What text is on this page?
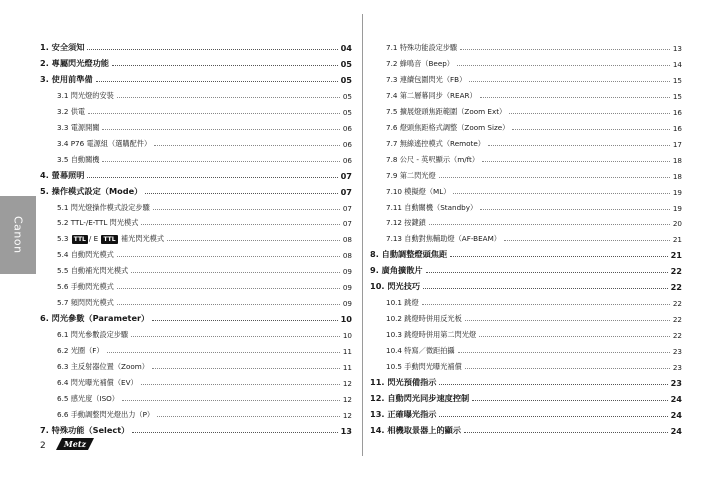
Canon
1. 安全須知	04
2. 專屬閃光燈功能	05
3. 使用前準備	05
3.1 閃光燈的安裝	05
3.2 供電	05
3.3 電源開關	06
3.4 P76 電源組（選購配件）	06
3.5 自動關機	06
4. 螢幕照明	07
5. 操作模式設定（Mode）	07
5.1 閃光燈操作模式設定步驟	07
5.2 TTL-/E-TTL 閃光模式	07
5.3 TTL / E TTL 補光閃光模式	08
5.4 自動閃光模式	08
5.5 自動補光閃光模式	09
5.6 手動閃光模式	09
5.7 頻閃閃光模式	09
6. 閃光參數（Parameter）	10
6.1 閃光參數設定步驟	10
6.2 光圈（F）	11
6.3 主反射器位置（Zoom）	11
6.4 閃光曝光補償（EV）	12
6.5 感光度（ISO）	12
6.6 手動調整閃光燈出力（P）	12
7. 特殊功能（Select）	13
7.1 特殊功能設定步驟	13
7.2 蜂鳴音（Beep）	14
7.3 連續包圍閃光（FB）	15
7.4 第二層幕同步（REAR）	15
7.5 擴展燈頭焦距範圍（Zoom Ext）	16
7.6 燈頭焦距格式調整（Zoom Size）	16
7.7 無線遙控模式（Remote）	17
7.8 公尺 - 英呎顯示（m/ft）	18
7.9 第二閃光燈	18
7.10 模擬燈（ML）	19
7.11 自動關機（Standby）	19
7.12 按鍵鎖	20
7.13 自動對焦輔助燈（AF-BEAM）	21
8. 自動調整燈頭焦距	21
9. 廣角擴散片	22
10. 閃光技巧	22
10.1 跳燈	22
10.2 跳燈時併用反光板	22
10.3 跳燈時併用第二閃光燈	22
10.4 特寫／微距拍攝	23
10.5 手動閃光曝光補償	23
11. 閃光預備指示	23
12. 自動閃光同步速度控制	24
13. 正確曝光指示	24
14. 相機取景器上的顯示	24
2 Metz
